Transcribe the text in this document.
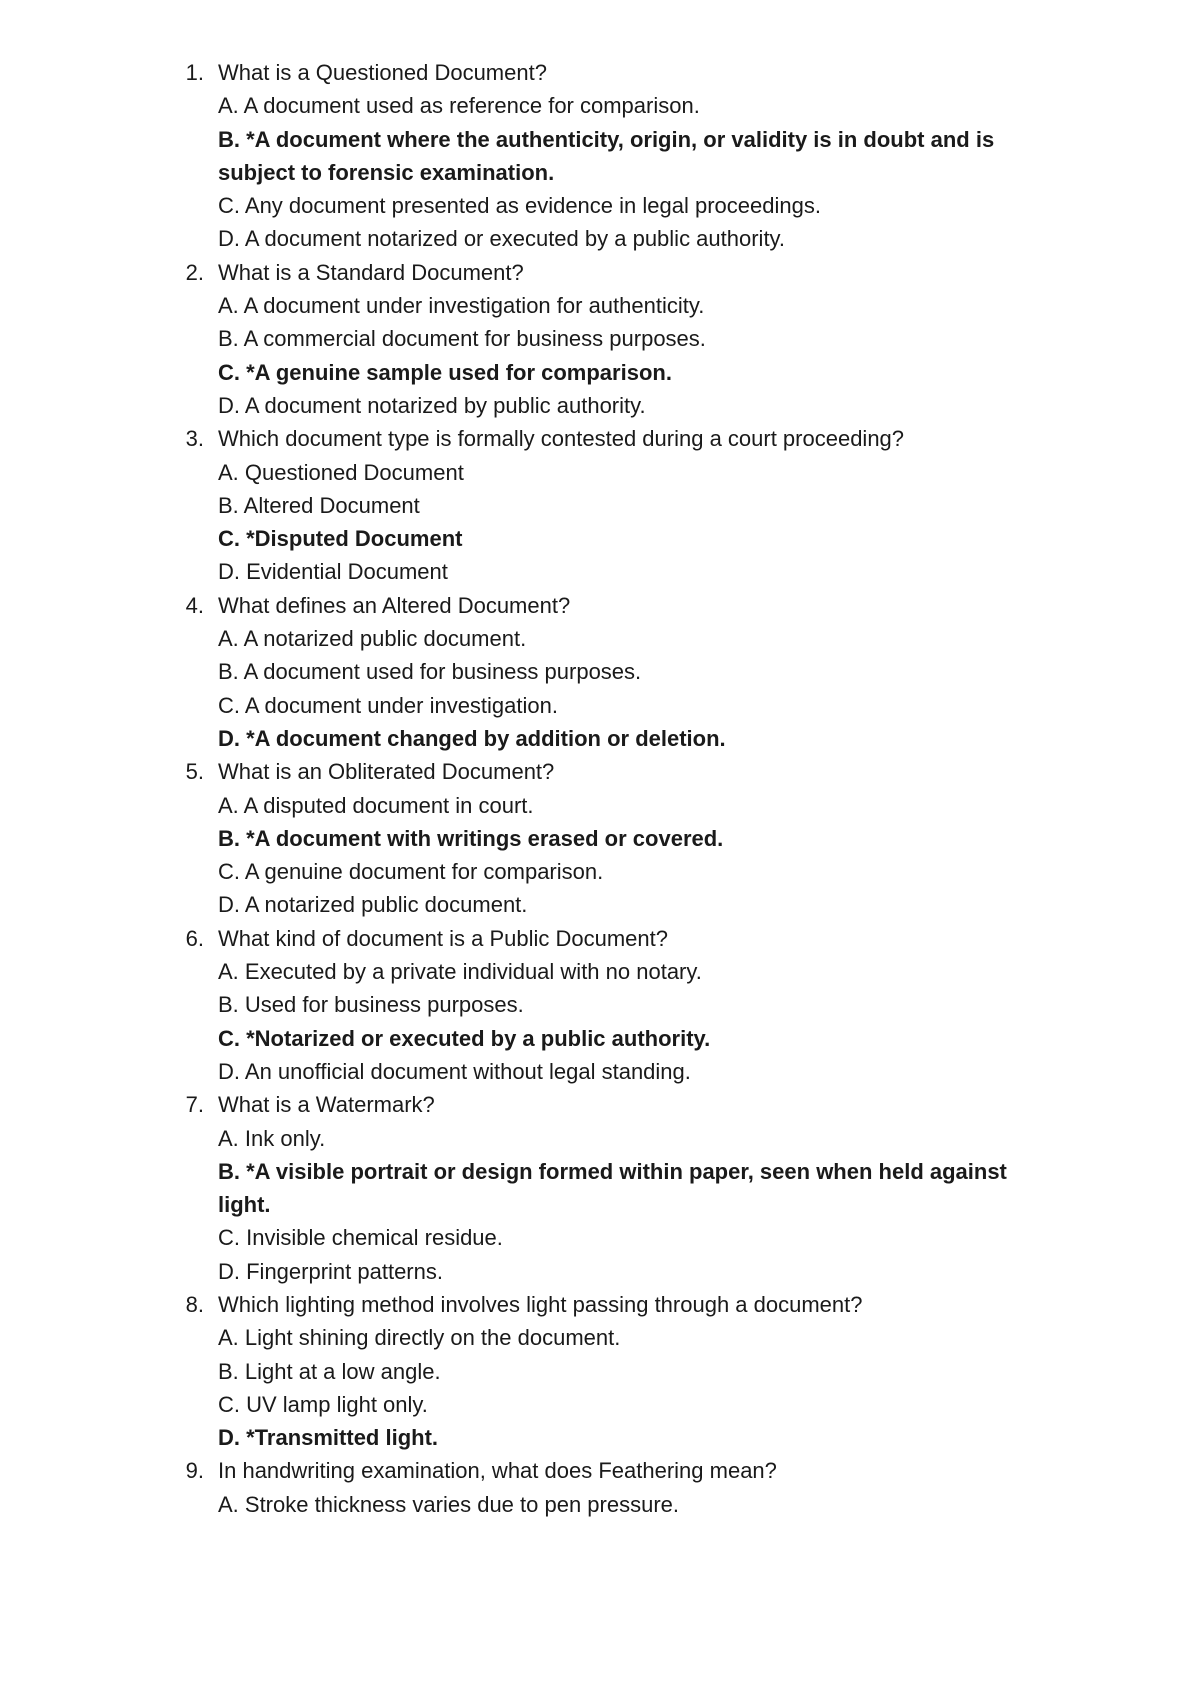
1. What is a Questioned Document?
A. A document used as reference for comparison.
B. *A document where the authenticity, origin, or validity is in doubt and is subject to forensic examination.
C. Any document presented as evidence in legal proceedings.
D. A document notarized or executed by a public authority.
2. What is a Standard Document?
A. A document under investigation for authenticity.
B. A commercial document for business purposes.
C. *A genuine sample used for comparison.
D. A document notarized by public authority.
3. Which document type is formally contested during a court proceeding?
A. Questioned Document
B. Altered Document
C. *Disputed Document
D. Evidential Document
4. What defines an Altered Document?
A. A notarized public document.
B. A document used for business purposes.
C. A document under investigation.
D. *A document changed by addition or deletion.
5. What is an Obliterated Document?
A. A disputed document in court.
B. *A document with writings erased or covered.
C. A genuine document for comparison.
D. A notarized public document.
6. What kind of document is a Public Document?
A. Executed by a private individual with no notary.
B. Used for business purposes.
C. *Notarized or executed by a public authority.
D. An unofficial document without legal standing.
7. What is a Watermark?
A. Ink only.
B. *A visible portrait or design formed within paper, seen when held against light.
C. Invisible chemical residue.
D. Fingerprint patterns.
8. Which lighting method involves light passing through a document?
A. Light shining directly on the document.
B. Light at a low angle.
C. UV lamp light only.
D. *Transmitted light.
9. In handwriting examination, what does Feathering mean?
A. Stroke thickness varies due to pen pressure.
